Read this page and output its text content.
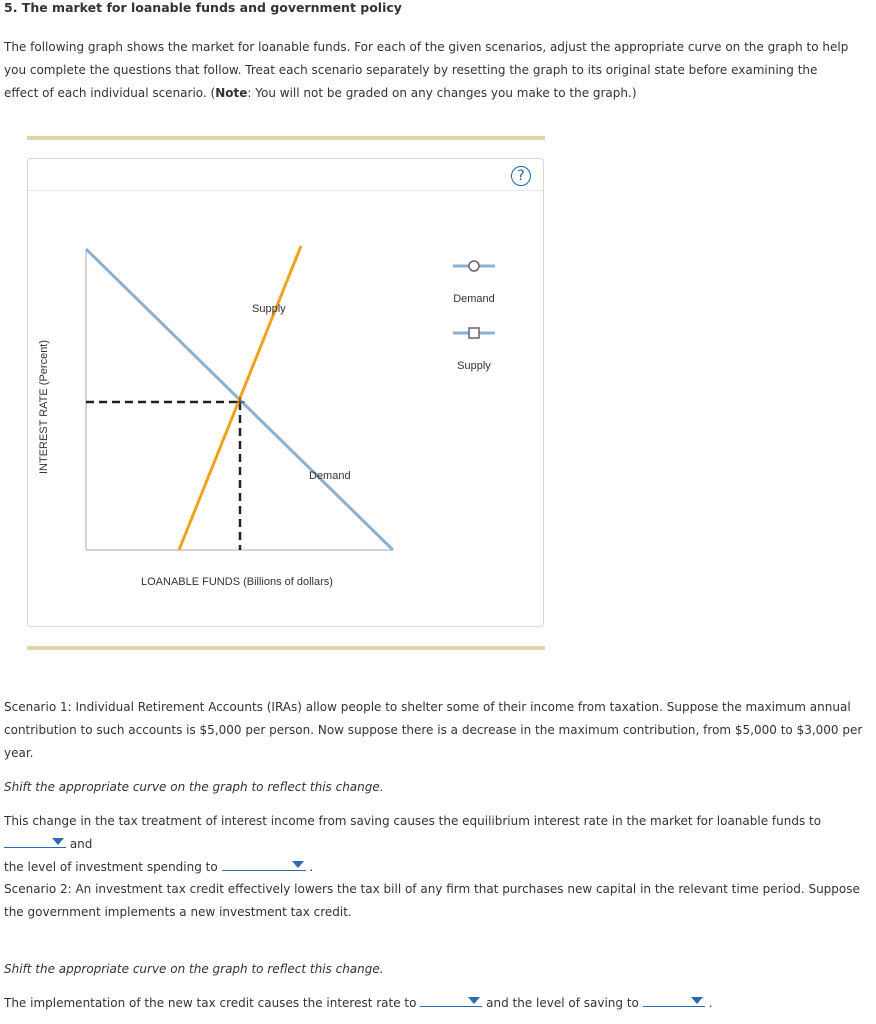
5. The market for loanable funds and government policy
The following graph shows the market for loanable funds. For each of the given scenarios, adjust the appropriate curve on the graph to help you complete the questions that follow. Treat each scenario separately by resetting the graph to its original state before examining the effect of each individual scenario. (Note: You will not be graded on any changes you make to the graph.)
?
Supply
Demand
INTEREST RATE (Percent)
LOANABLE FUNDS (Billions of dollars)
Demand
Supply
Scenario 1: Individual Retirement Accounts (IRAs) allow people to shelter some of their income from taxation. Suppose the maximum annual contribution to such accounts is $5,000 per person. Now suppose there is a decrease in the maximum contribution, from $5,000 to $3,000 per year.
Shift the appropriate curve on the graph to reflect this change.
This change in the tax treatment of interest income from saving causes the equilibrium interest rate in the market for loanable funds to
and
the level of investment spending to	.
Scenario 2: An investment tax credit effectively lowers the tax bill of any firm that purchases new capital in the relevant time period. Suppose the government implements a new investment tax credit.
Shift the appropriate curve on the graph to reflect this change.
The implementation of the new tax credit causes the interest rate to	and the level of saving to	.
